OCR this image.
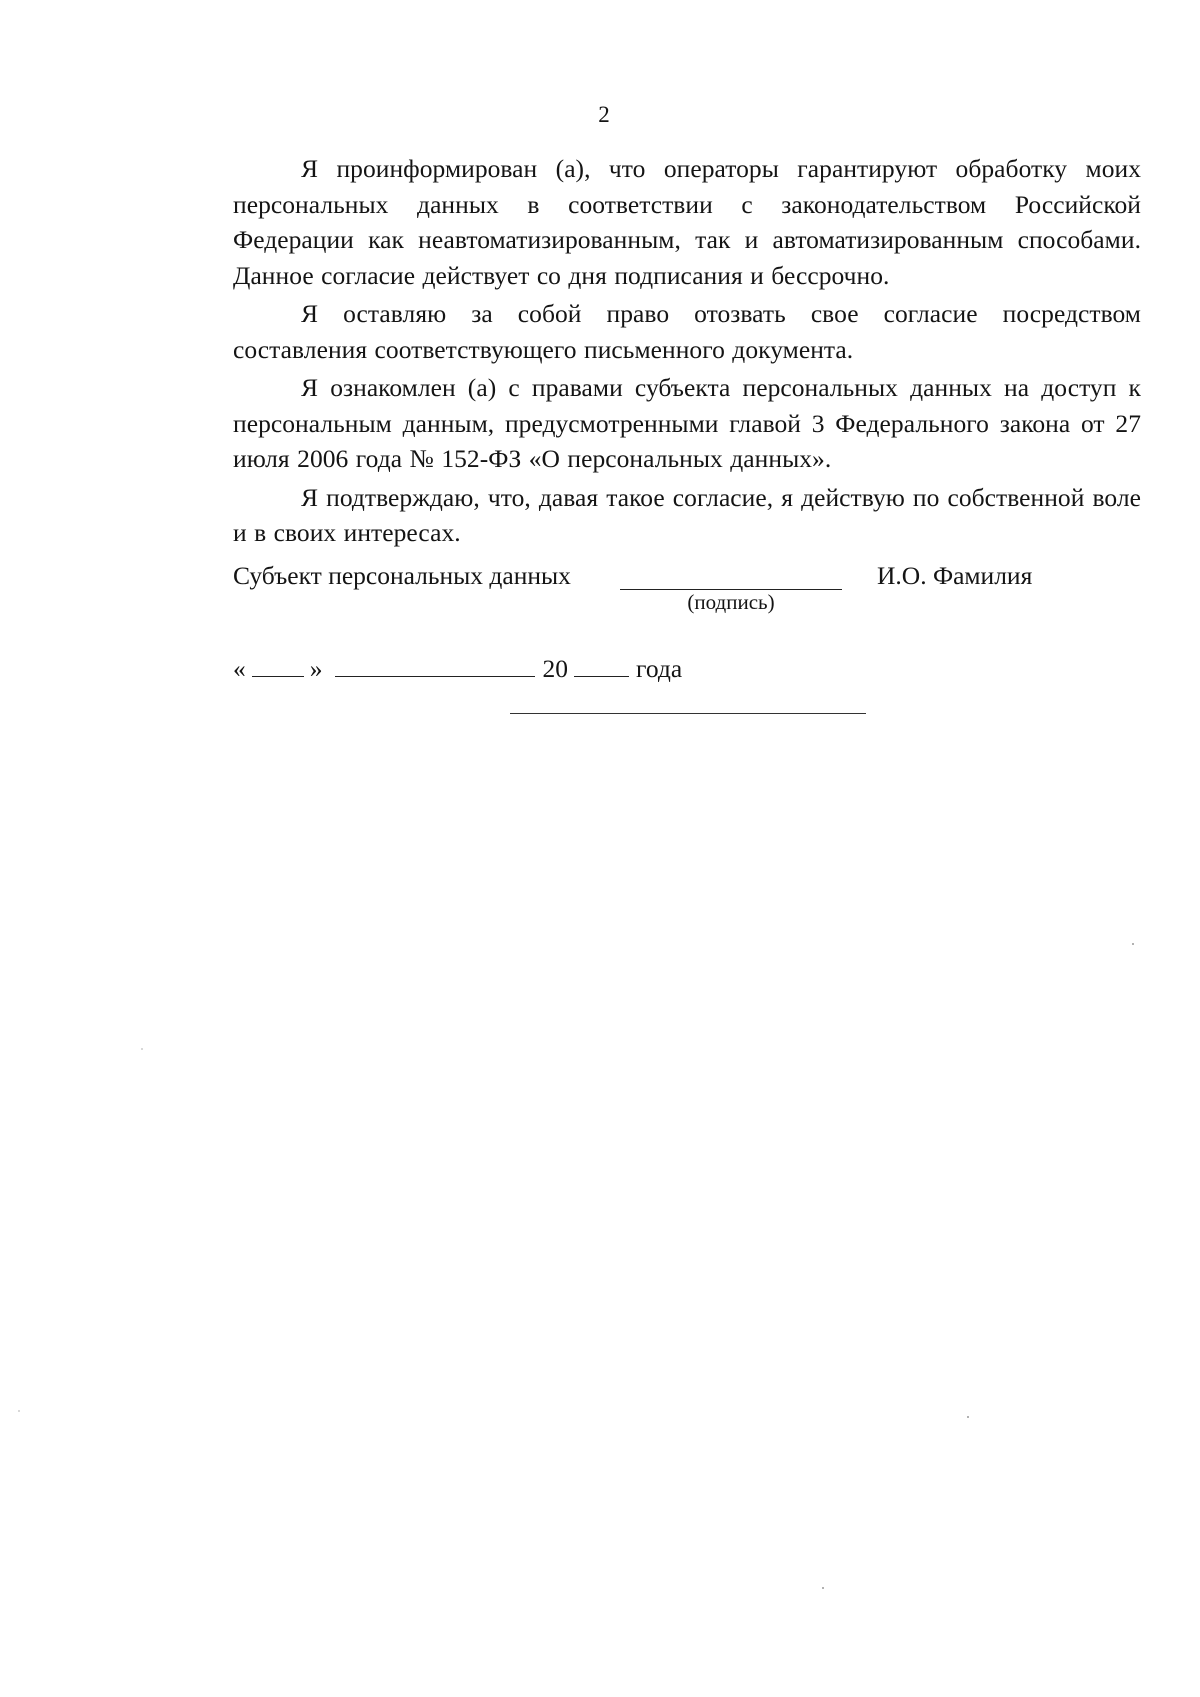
2

Я проинформирован (а), что операторы гарантируют обработку моих персональных данных в соответствии с законодательством Российской Федерации как неавтоматизированным, так и автоматизированным способами. Данное согласие действует со дня подписания и бессрочно.

Я оставляю за собой право отозвать свое согласие посредством составления соответствующего письменного документа.

Я ознакомлен (а) с правами субъекта персональных данных на доступ к персональным данным, предусмотренными главой 3 Федерального закона от 27 июля 2006 года № 152-ФЗ «О персональных данных».

Я подтверждаю, что, давая такое согласие, я действую по собственной воле и в своих интересах.

Субъект персональных данных
(подпись)
И.О. Фамилия
«	»	20	года
